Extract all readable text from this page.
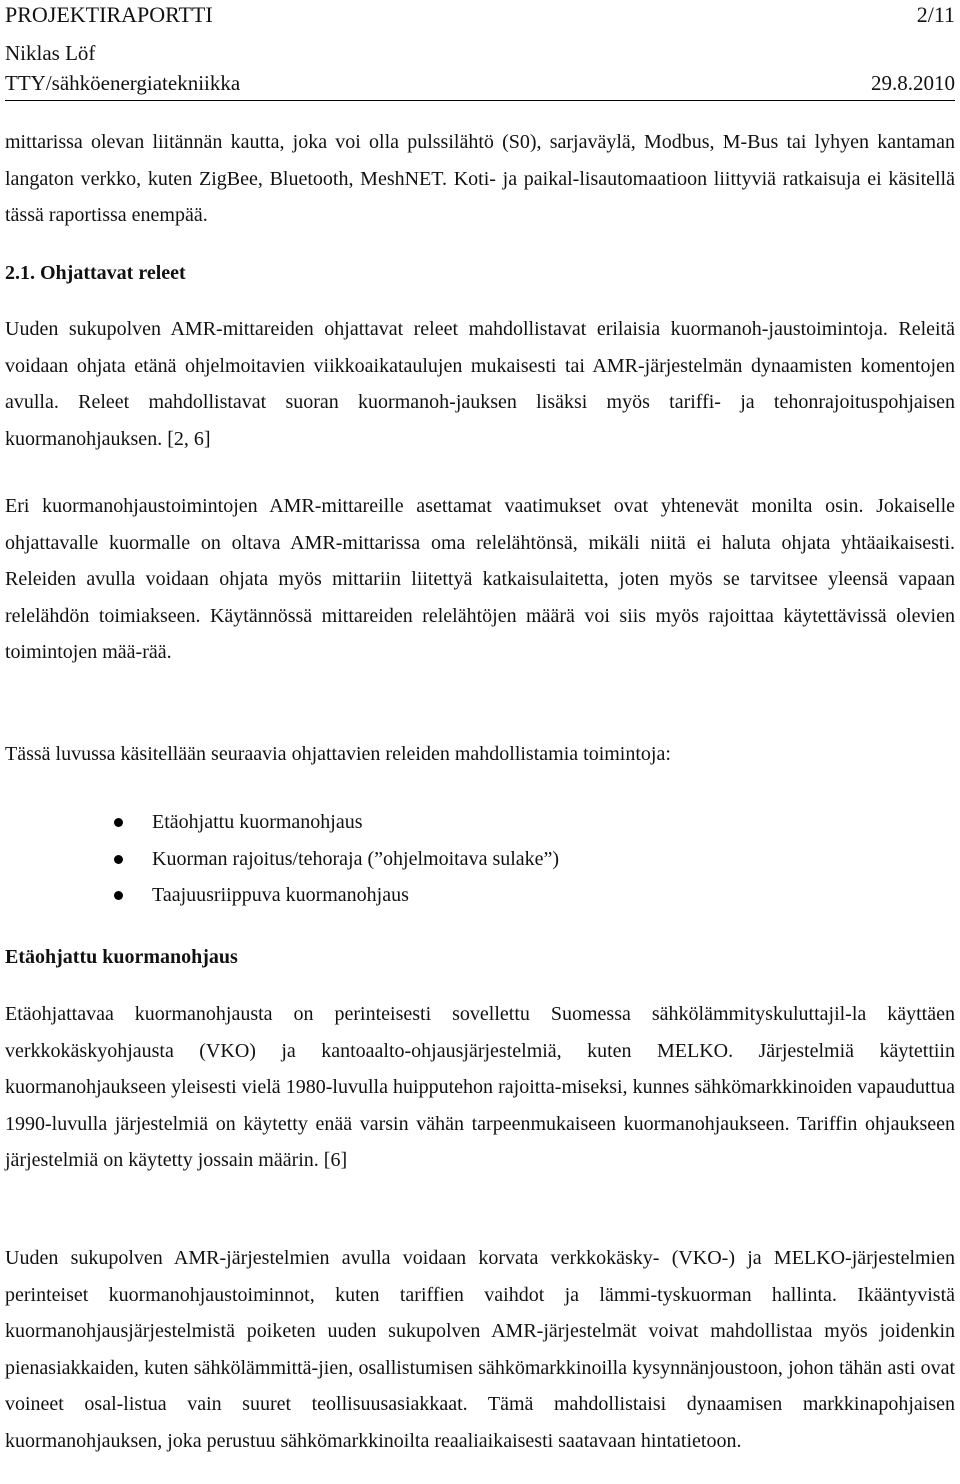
PROJEKTIRAPORTTI	2/11
Niklas Löf
TTY/sähköenergiatekniikka	29.8.2010
mittarissa olevan liitännän kautta, joka voi olla pulssilähtö (S0), sarjaväylä, Modbus, M-Bus tai lyhyen kantaman langaton verkko, kuten ZigBee, Bluetooth, MeshNET. Koti- ja paikal-lisautomaatioon liittyviä ratkaisuja ei käsitellä tässä raportissa enempää.
2.1. Ohjattavat releet
Uuden sukupolven AMR-mittareiden ohjattavat releet mahdollistavat erilaisia kuormanoh-jaustoimintoja. Releitä voidaan ohjata etänä ohjelmoitavien viikkoaikataulujen mukaisesti tai AMR-järjestelmän dynaamisten komentojen avulla. Releet mahdollistavat suoran kuormanoh-jauksen lisäksi myös tariffi- ja tehonrajoituspohjaisen kuormanohjauksen. [2, 6]
Eri kuormanohjaustoimintojen AMR-mittareille asettamat vaatimukset ovat yhtenevät monilta osin. Jokaiselle ohjattavalle kuormalle on oltava AMR-mittarissa oma relelähtönsä, mikäli niitä ei haluta ohjata yhtäaikaisesti. Releiden avulla voidaan ohjata myös mittariin liitettyä katkaisulaitetta, joten myös se tarvitsee yleensä vapaan relelähdön toimiakseen. Käytännössä mittareiden relelähtöjen määrä voi siis myös rajoittaa käytettävissä olevien toimintojen mää-rää.
Tässä luvussa käsitellään seuraavia ohjattavien releiden mahdollistamia toimintoja:
Etäohjattu kuormanohjaus
Kuorman rajoitus/tehoraja (”ohjelmoitava sulake”)
Taajuusriippuva kuormanohjaus
Etäohjattu kuormanohjaus
Etäohjattavaa kuormanohjausta on perinteisesti sovellettu Suomessa sähkölämmityskuluttajil-la käyttäen verkkokäskyohjausta (VKO) ja kantoaalto-ohjausjärjestelmiä, kuten MELKO. Järjestelmiä käytettiin kuormanohjaukseen yleisesti vielä 1980-luvulla huipputehon rajoitta-miseksi, kunnes sähkömarkkinoiden vapauduttua 1990-luvulla järjestelmiä on käytetty enää varsin vähän tarpeenmukaiseen kuormanohjaukseen. Tariffin ohjaukseen järjestelmiä on käytetty jossain määrin. [6]
Uuden sukupolven AMR-järjestelmien avulla voidaan korvata verkkokäsky- (VKO-) ja MELKO-järjestelmien perinteiset kuormanohjaustoiminnot, kuten tariffien vaihdot ja lämmi-tyskuorman hallinta. Ikääntyvistä kuormanohjausjärjestelmistä poiketen uuden sukupolven AMR-järjestelmät voivat mahdollistaa myös joidenkin pienasiakkaiden, kuten sähkölämmittä-jien, osallistumisen sähkömarkkinoilla kysynnänjoustoon, johon tähän asti ovat voineet osal-listua vain suuret teollisuusasiakkaat. Tämä mahdollistaisi dynaamisen markkinapohjaisen kuormanohjauksen, joka perustuu sähkömarkkinoilta reaaliaikaisesti saatavaan hintatietoon.
